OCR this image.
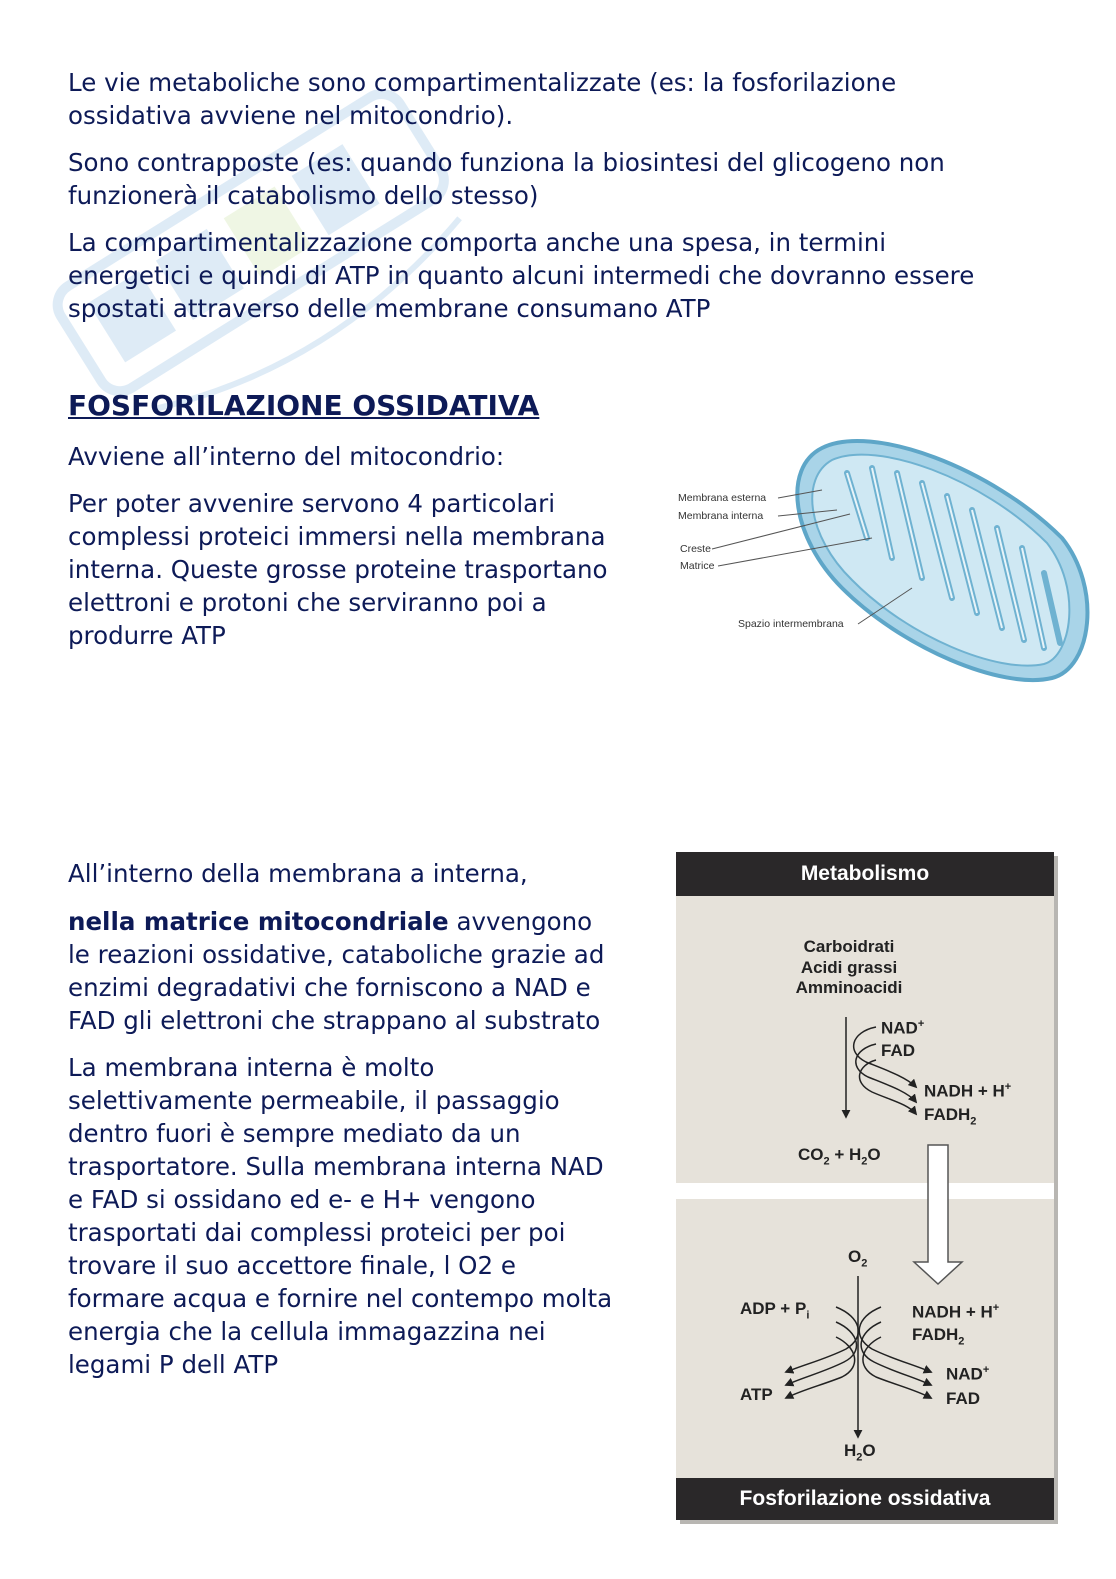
Le vie metaboliche sono compartimentalizzate (es: la fosforilazione
ossidativa avviene nel mitocondrio).

Sono contrapposte (es: quando funziona la biosintesi del glicogeno non
funzionerà il catabolismo dello stesso)

La compartimentalizzazione comporta anche una spesa, in termini
energetici e quindi di ATP in quanto alcuni intermedi che dovranno essere
spostati attraverso delle membrane consumano ATP

FOSFORILAZIONE OSSIDATIVA

Avviene all’interno del mitocondrio:

Per poter avvenire servono 4 particolari
complessi proteici immersi nella membrana
interna. Queste grosse proteine trasportano
elettroni e protoni che serviranno poi a
produrre ATP

All’interno della membrana a interna,

nella matrice mitocondriale avvengono
le reazioni ossidative, cataboliche grazie ad
enzimi degradativi che forniscono a NAD e
FAD gli elettroni che strappano al substrato

La membrana interna è molto
selettivamente permeabile, il passaggio
dentro fuori è sempre mediato da un
trasportatore. Sulla membrana interna NAD
e FAD si ossidano ed e- e H+ vengono
trasportati dai complessi proteici per poi
trovare il suo accettore finale, l O2 e
formare acqua e fornire nel contempo molta
energia che la cellula immagazzina nei
legami P dell ATP

Membrana esterna
Membrana interna
Creste
Matrice
Spazio intermembrana
Metabolismo
Carboidrati
Acidi grassi
Amminoacidi
NAD+
FAD
NADH + H+
$FADH_2$
$CO_2 + H_2O$
$O_2$
ADP + $P_i$	NADH + H+
$FADH_2$
NAD+
ATP	FAD
$H_2O$
Fosforilazione ossidativa
